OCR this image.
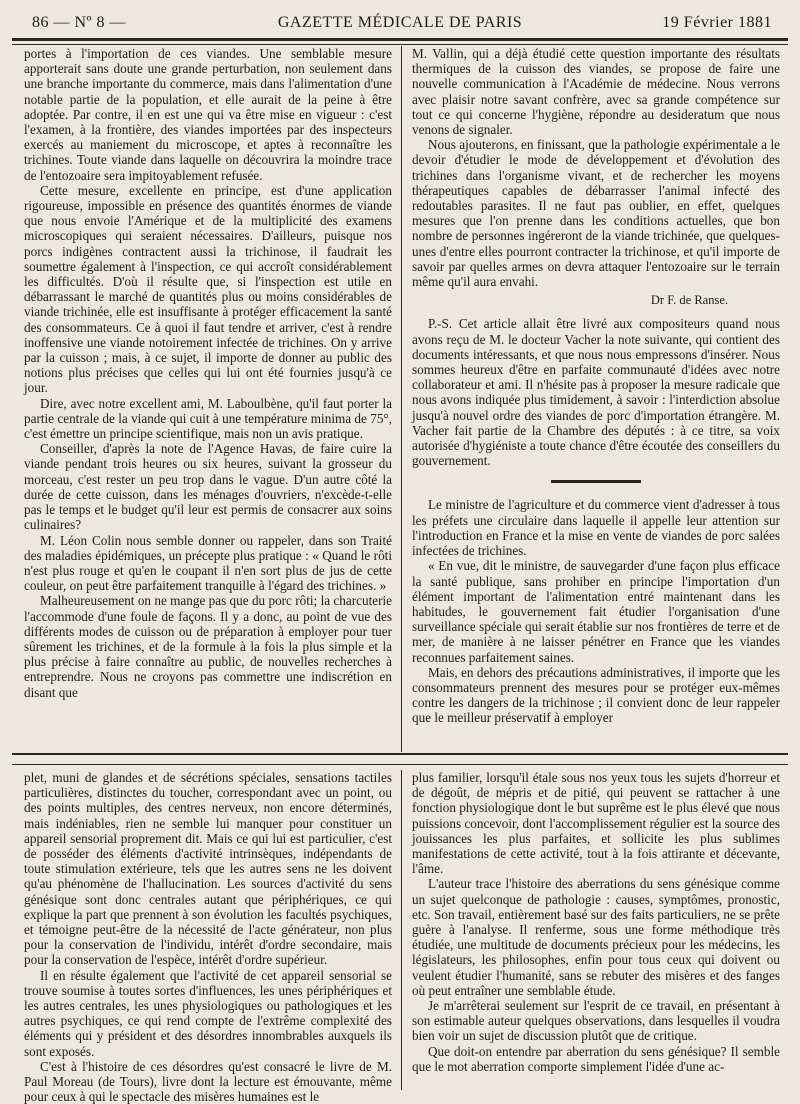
86 — Nº 8 —	GAZETTE MÉDICALE DE PARIS	19 Février 1881

portes à l'importation de ces viandes. Une semblable mesure apporterait sans doute une grande perturbation, non seulement dans une branche importante du commerce, mais dans l'alimentation d'une notable partie de la population, et elle aurait de la peine à être adoptée. Par contre, il en est une qui va être mise en vigueur : c'est l'examen, à la frontière, des viandes importées par des inspecteurs exercés au maniement du microscope, et aptes à reconnaître les trichines. Toute viande dans laquelle on découvrira la moindre trace de l'entozoaire sera impitoyablement refusée.

Cette mesure, excellente en principe, est d'une application rigoureuse, impossible en présence des quantités énormes de viande que nous envoie l'Amérique et de la multiplicité des examens microscopiques qui seraient nécessaires. D'ailleurs, puisque nos porcs indigènes contractent aussi la trichinose, il faudrait les soumettre également à l'inspection, ce qui accroît considérablement les difficultés. D'où il résulte que, si l'inspection est utile en débarrassant le marché de quantités plus ou moins considérables de viande trichinée, elle est insuffisante à protéger efficacement la santé des consommateurs. Ce à quoi il faut tendre et arriver, c'est à rendre inoffensive une viande notoirement infectée de trichines. On y arrive par la cuisson ; mais, à ce sujet, il importe de donner au public des notions plus précises que celles qui lui ont été fournies jusqu'à ce jour.

Dire, avec notre excellent ami, M. Laboulbène, qu'il faut porter la partie centrale de la viande qui cuit à une température minima de 75°, c'est émettre un principe scientifique, mais non un avis pratique.

Conseiller, d'après la note de l'Agence Havas, de faire cuire la viande pendant trois heures ou six heures, suivant la grosseur du morceau, c'est rester un peu trop dans le vague. D'un autre côté la durée de cette cuisson, dans les ménages d'ouvriers, n'excède-t-elle pas le temps et le budget qu'il leur est permis de consacrer aux soins culinaires?

M. Léon Colin nous semble donner ou rappeler, dans son Traité des maladies épidémiques, un précepte plus pratique : « Quand le rôti n'est plus rouge et qu'en le coupant il n'en sort plus de jus de cette couleur, on peut être parfaitement tranquille à l'égard des trichines. »

Malheureusement on ne mange pas que du porc rôti; la charcuterie l'accommode d'une foule de façons. Il y a donc, au point de vue des différents modes de cuisson ou de préparation à employer pour tuer sûrement les trichines, et de la formule à la fois la plus simple et la plus précise à faire connaître au public, de nouvelles recherches à entreprendre. Nous ne croyons pas commettre une indiscrétion en disant que

M. Vallin, qui a déjà étudié cette question importante des résultats thermiques de la cuisson des viandes, se propose de faire une nouvelle communication à l'Académie de médecine. Nous verrons avec plaisir notre savant confrère, avec sa grande compétence sur tout ce qui concerne l'hygiène, répondre au desideratum que nous venons de signaler.

Nous ajouterons, en finissant, que la pathologie expérimentale a le devoir d'étudier le mode de développement et d'évolution des trichines dans l'organisme vivant, et de rechercher les moyens thérapeutiques capables de débarrasser l'animal infecté des redoutables parasites. Il ne faut pas oublier, en effet, quelques mesures que l'on prenne dans les conditions actuelles, que bon nombre de personnes ingéreront de la viande trichinée, que quelques-unes d'entre elles pourront contracter la trichinose, et qu'il importe de savoir par quelles armes on devra attaquer l'entozoaire sur le terrain même qu'il aura envahi.

Dr F. de Ranse.

P.-S. Cet article allait être livré aux compositeurs quand nous avons reçu de M. le docteur Vacher la note suivante, qui contient des documents intéressants, et que nous nous empressons d'insérer. Nous sommes heureux d'être en parfaite communauté d'idées avec notre collaborateur et ami. Il n'hésite pas à proposer la mesure radicale que nous avons indiquée plus timidement, à savoir : l'interdiction absolue jusqu'à nouvel ordre des viandes de porc d'importation étrangère. M. Vacher fait partie de la Chambre des députés : à ce titre, sa voix autorisée d'hygiéniste a toute chance d'être écoutée des conseillers du gouvernement.

Le ministre de l'agriculture et du commerce vient d'adresser à tous les préfets une circulaire dans laquelle il appelle leur attention sur l'introduction en France et la mise en vente de viandes de porc salées infectées de trichines.

« En vue, dit le ministre, de sauvegarder d'une façon plus efficace la santé publique, sans prohiber en principe l'importation d'un élément important de l'alimentation entré maintenant dans les habitudes, le gouvernement fait étudier l'organisation d'une surveillance spéciale qui serait établie sur nos frontières de terre et de mer, de manière à ne laisser pénétrer en France que les viandes reconnues parfaitement saines.

Mais, en dehors des précautions administratives, il importe que les consommateurs prennent des mesures pour se protéger eux-mêmes contre les dangers de la trichinose ; il convient donc de leur rappeler que le meilleur préservatif à employer

plet, muni de glandes et de sécrétions spéciales, sensations tactiles particulières, distinctes du toucher, correspondant avec un point, ou des points multiples, des centres nerveux, non encore déterminés, mais indéniables, rien ne semble lui manquer pour constituer un appareil sensorial proprement dit. Mais ce qui lui est particulier, c'est de posséder des éléments d'activité intrinsèques, indépendants de toute stimulation extérieure, tels que les autres sens ne les doivent qu'au phénomène de l'hallucination. Les sources d'activité du sens génésique sont donc centrales autant que périphériques, ce qui explique la part que prennent à son évolution les facultés psychiques, et témoigne peut-être de la nécessité de l'acte générateur, non plus pour la conservation de l'individu, intérêt d'ordre secondaire, mais pour la conservation de l'espèce, intérêt d'ordre supérieur.

Il en résulte également que l'activité de cet appareil sensorial se trouve soumise à toutes sortes d'influences, les unes périphériques et les autres centrales, les unes physiologiques ou pathologiques et les autres psychiques, ce qui rend compte de l'extrême complexité des éléments qui y président et des désordres innombrables auxquels ils sont exposés.

C'est à l'histoire de ces désordres qu'est consacré le livre de M. Paul Moreau (de Tours), livre dont la lecture est émouvante, même pour ceux à qui le spectacle des misères humaines est le

plus familier, lorsqu'il étale sous nos yeux tous les sujets d'horreur et de dégoût, de mépris et de pitié, qui peuvent se rattacher à une fonction physiologique dont le but suprême est le plus élevé que nous puissions concevoir, dont l'accomplissement régulier est la source des jouissances les plus parfaites, et sollicite les plus sublimes manifestations de cette activité, tout à la fois attirante et décevante, l'âme.

L'auteur trace l'histoire des aberrations du sens génésique comme un sujet quelconque de pathologie : causes, symptômes, pronostic, etc. Son travail, entièrement basé sur des faits particuliers, ne se prête guère à l'analyse. Il renferme, sous une forme méthodique très étudiée, une multitude de documents précieux pour les médecins, les législateurs, les philosophes, enfin pour tous ceux qui doivent ou veulent étudier l'humanité, sans se rebuter des misères et des fanges où peut entraîner une semblable étude.

Je m'arrêterai seulement sur l'esprit de ce travail, en présentant à son estimable auteur quelques observations, dans lesquelles il voudra bien voir un sujet de discussion plutôt que de critique.

Que doit-on entendre par aberration du sens génésique? Il semble que le mot aberration comporte simplement l'idée d'une ac-
